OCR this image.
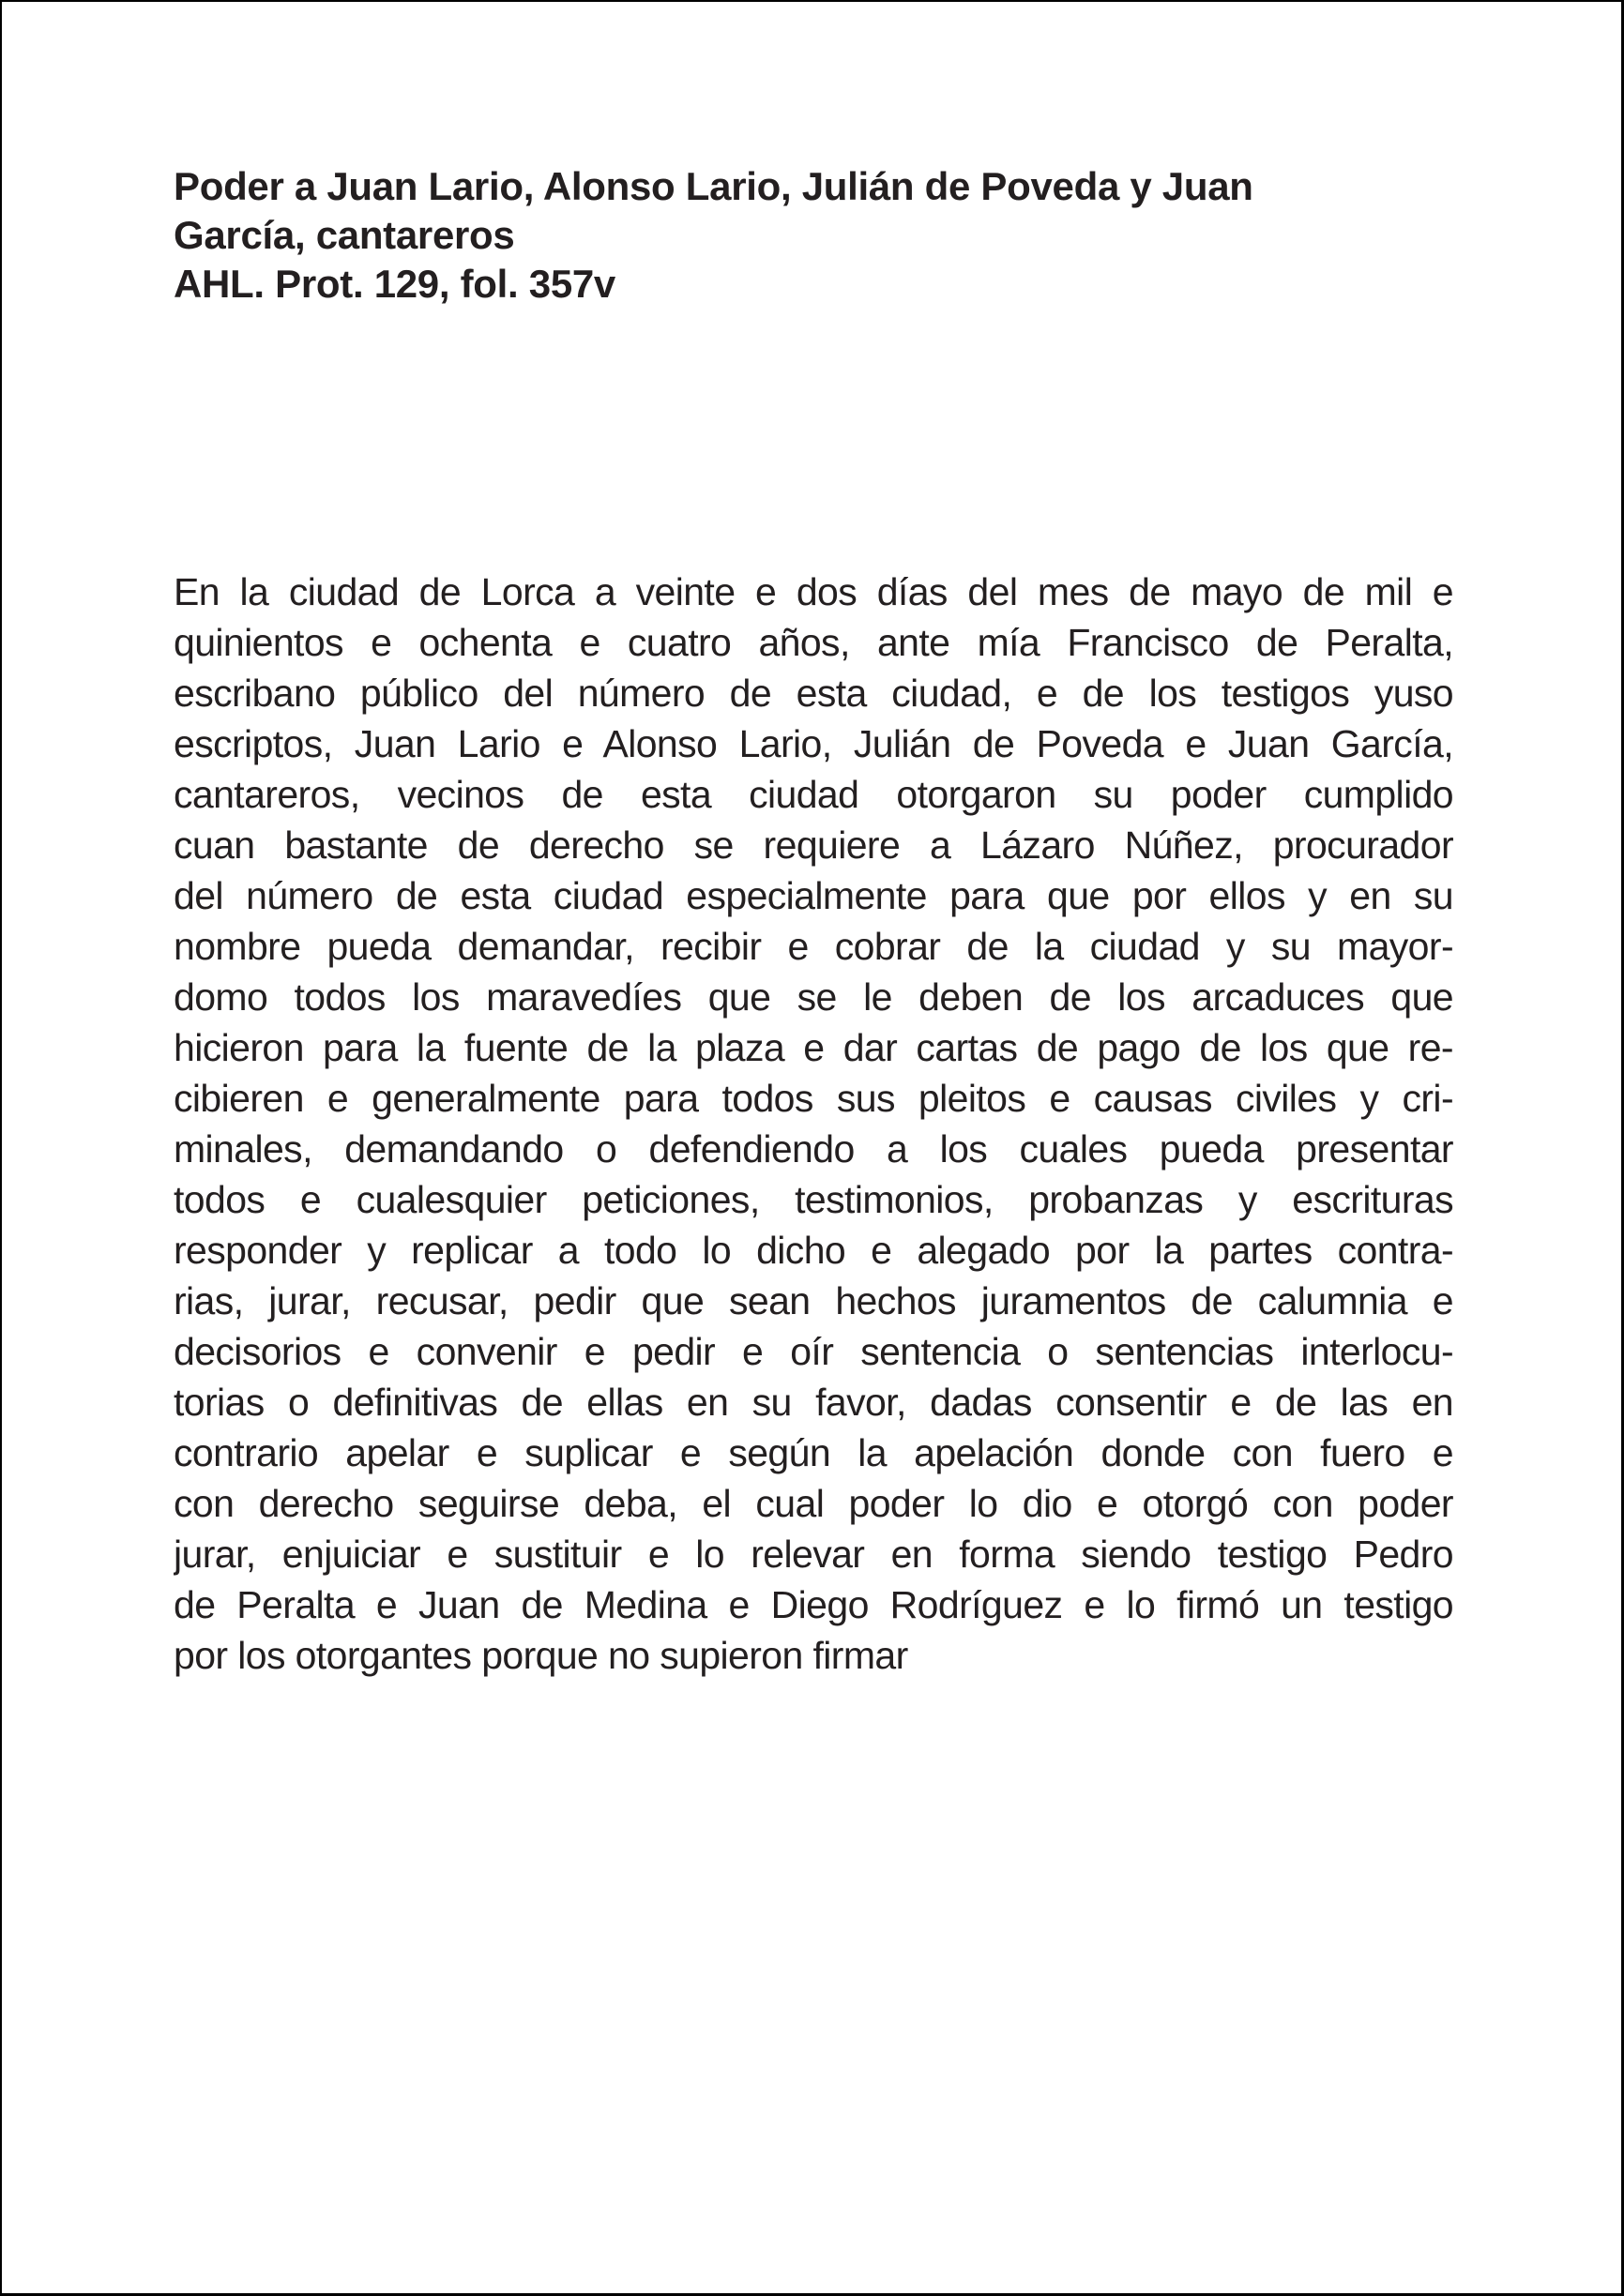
Poder a Juan Lario, Alonso Lario, Julián de Poveda y Juan
García, cantareros
AHL. Prot. 129, fol. 357v
En la ciudad de Lorca a veinte e dos días del mes de mayo de mil e
quinientos e ochenta e cuatro años, ante mía Francisco de Peralta,
escribano público del número de esta ciudad, e de los testigos yuso
escriptos, Juan Lario e Alonso Lario, Julián de Poveda e Juan García,
cantareros, vecinos de esta ciudad otorgaron su poder cumplido
cuan bastante de derecho se requiere a Lázaro Núñez, procurador
del número de esta ciudad especialmente para que por ellos y en su
nombre pueda demandar, recibir e cobrar de la ciudad y su mayor-
domo todos los maravedíes que se le deben de los arcaduces que
hicieron para la fuente de la plaza e dar cartas de pago de los que re-
cibieren e generalmente para todos sus pleitos e causas civiles y cri-
minales, demandando o defendiendo a los cuales pueda presentar
todos e cualesquier peticiones, testimonios, probanzas y escrituras
responder y replicar a todo lo dicho e alegado por la partes contra-
rias, jurar, recusar, pedir que sean hechos juramentos de calumnia e
decisorios e convenir e pedir e oír sentencia o sentencias interlocu-
torias o definitivas de ellas en su favor, dadas consentir e de las en
contrario apelar e suplicar e según la apelación donde con fuero e
con derecho seguirse deba, el cual poder lo dio e otorgó con poder
jurar, enjuiciar e sustituir e lo relevar en forma siendo testigo Pedro
de Peralta e Juan de Medina e Diego Rodríguez e lo firmó un testigo
por los otorgantes porque no supieron firmar
